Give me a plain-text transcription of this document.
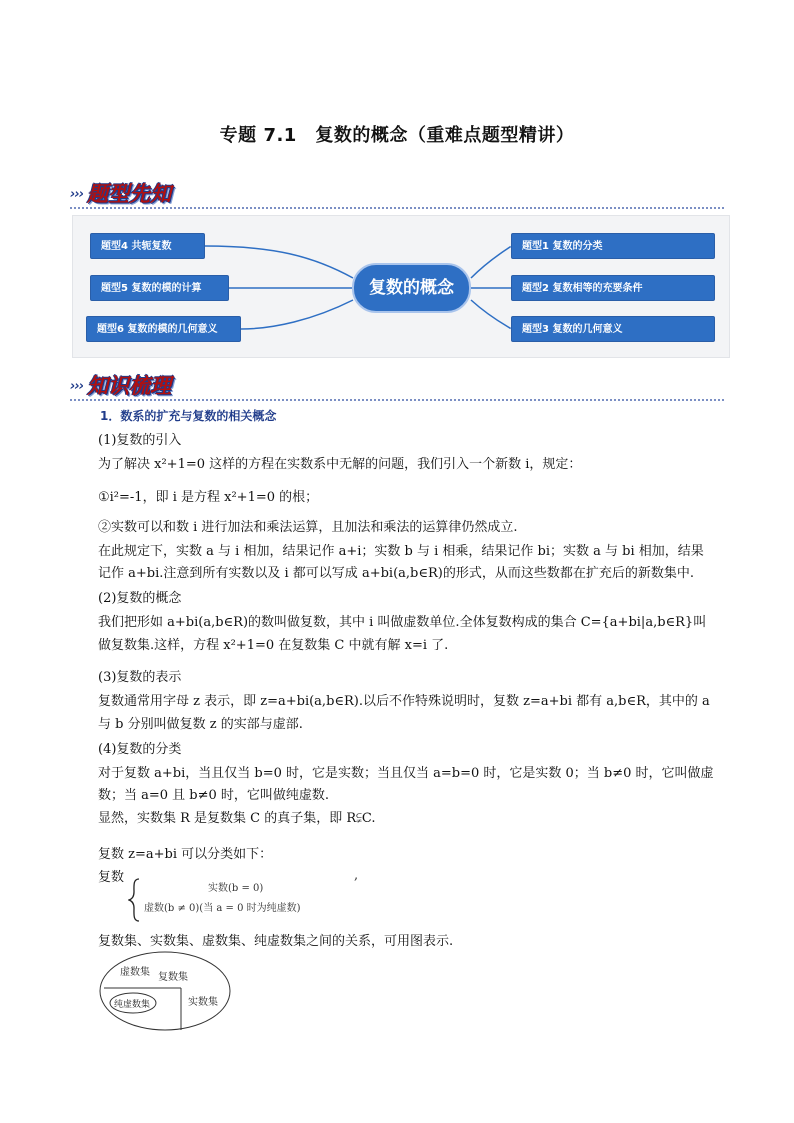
专题 7.1　复数的概念（重难点题型精讲）
››› 题型先知
题型4 共轭复数
题型5 复数的模的计算
题型6 复数的模的几何意义
复数的概念
题型1 复数的分类
题型2 复数相等的充要条件
题型3 复数的几何意义
››› 知识梳理
1．数系的扩充与复数的相关概念
(1)复数的引入
为了解决 x²+1=0 这样的方程在实数系中无解的问题，我们引入一个新数 i，规定：
①i²=-1，即 i 是方程 x²+1=0 的根；
②实数可以和数 i 进行加法和乘法运算，且加法和乘法的运算律仍然成立.
在此规定下，实数 a 与 i 相加，结果记作 a+i；实数 b 与 i 相乘，结果记作 bi；实数 a 与 bi 相加，结果
记作 a+bi.注意到所有实数以及 i 都可以写成 a+bi(a,b∈R)的形式，从而这些数都在扩充后的新数集中.
(2)复数的概念
我们把形如 a+bi(a,b∈R)的数叫做复数，其中 i 叫做虚数单位.全体复数构成的集合 C={a+bi|a,b∈R}叫
做复数集.这样，方程 x²+1=0 在复数集 C 中就有解 x=i 了.
(3)复数的表示
复数通常用字母 z 表示，即 z=a+bi(a,b∈R).以后不作特殊说明时，复数 z=a+bi 都有 a,b∈R，其中的 a
与 b 分别叫做复数 z 的实部与虚部.
(4)复数的分类
对于复数 a+bi，当且仅当 b=0 时，它是实数；当且仅当 a=b=0 时，它是实数 0；当 b≠0 时，它叫做虚
数；当 a=0 且 b≠0 时，它叫做纯虚数.
显然，实数集 R 是复数集 C 的真子集，即 R⫋C.
复数 z=a+bi 可以分类如下：
复数
实数(b = 0)
虚数(b ≠ 0)(当 a = 0 时为纯虚数)
,
复数集、实数集、虚数集、纯虚数集之间的关系，可用图表示.
虚数集 复数集
纯虚数集	实数集
